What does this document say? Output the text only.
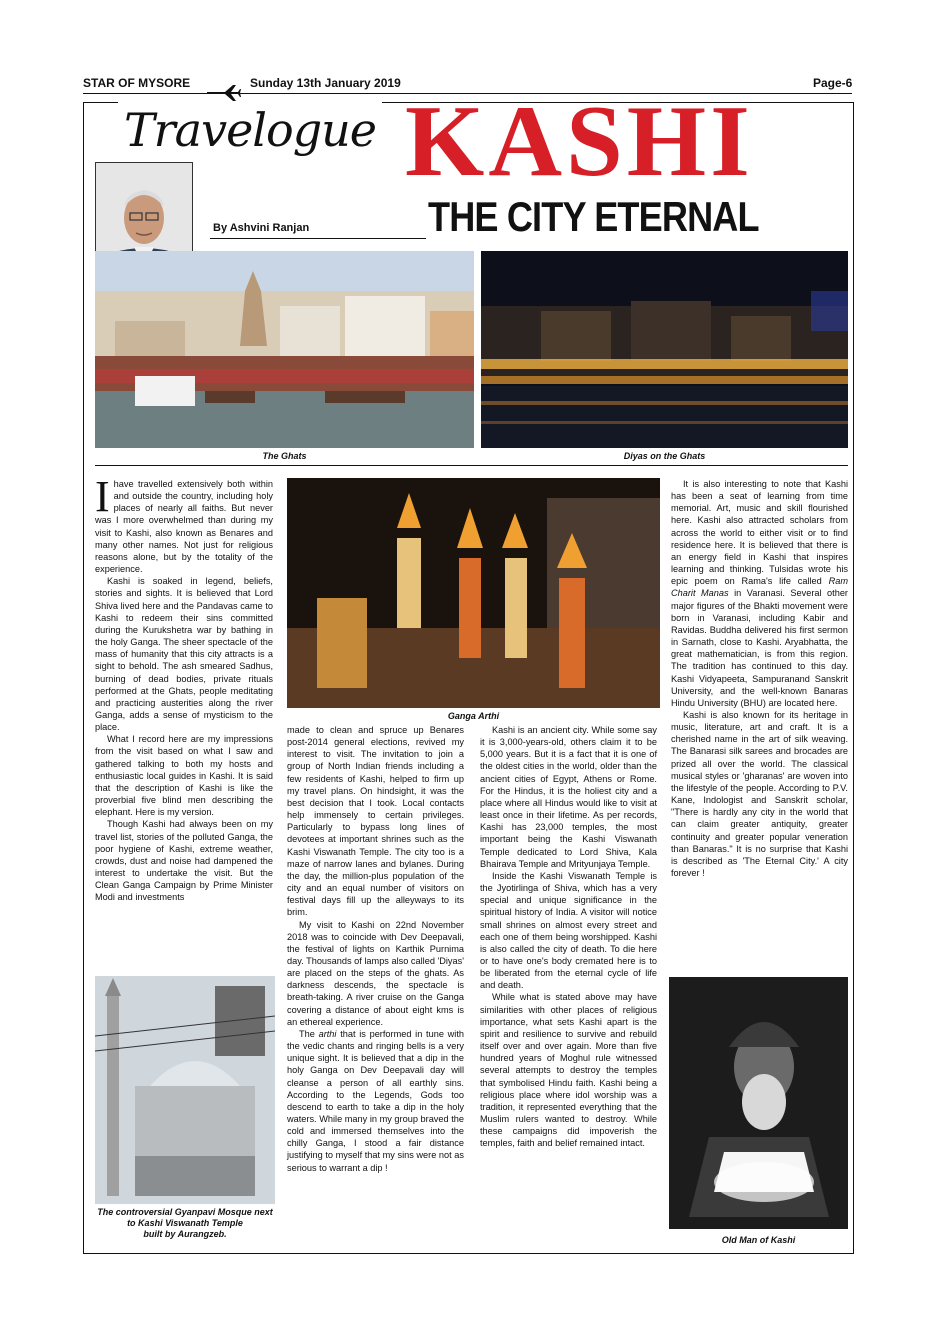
STAR OF MYSORE	Sunday 13th January 2019	Page-6
Travelogue KASHI
THE CITY ETERNAL
By Ashvini Ranjan
The Ghats	Diyas on the Ghats
Ganga Arthi
The controversial Gyanpavi Mosque next
to Kashi Viswanath Temple
built by Aurangzeb.
Old Man of Kashi

Ihave travelled extensively both within and outside the country, including holy places of nearly all faiths. But never was I more overwhelmed than during my visit to Kashi, also known as Benares and many other names. Not just for religious reasons alone, but by the totality of the experience.

Kashi is soaked in legend, beliefs, stories and sights. It is believed that Lord Shiva lived here and the Pandavas came to Kashi to redeem their sins committed during the Kurukshetra war by bathing in the holy Ganga. The sheer spectacle of the mass of humanity that this city attracts is a sight to behold. The ash smeared Sadhus, burning of dead bodies, private rituals performed at the Ghats, people meditating and practicing austerities along the river Ganga, adds a sense of mysticism to the place.

What I record here are my impressions from the visit based on what I saw and gathered talking to both my hosts and enthusiastic local guides in Kashi. It is said that the description of Kashi is like the proverbial five blind men describing the elephant. Here is my version.

Though Kashi had always been on my travel list, stories of the polluted Ganga, the poor hygiene of Kashi, extreme weather, crowds, dust and noise had dampened the interest to undertake the visit. But the Clean Ganga Campaign by Prime Minister Modi and investments

made to clean and spruce up Benares post-2014 general elections, revived my interest to visit. The invitation to join a group of North Indian friends including a few residents of Kashi, helped to firm up my travel plans. On hindsight, it was the best decision that I took. Local contacts help immensely to certain privileges. Particularly to bypass long lines of devotees at important shrines such as the Kashi Viswanath Temple. The city too is a maze of narrow lanes and bylanes. During the day, the million-plus population of the city and an equal number of visitors on festival days fill up the alleyways to its brim.

My visit to Kashi on 22nd November 2018 was to coincide with Dev Deepavali, the festival of lights on Karthik Purnima day. Thousands of lamps also called 'Diyas' are placed on the steps of the ghats. As darkness descends, the spectacle is breath-taking. A river cruise on the Ganga covering a distance of about eight kms is an ethereal experience.

The arthi that is performed in tune with the vedic chants and ringing bells is a very unique sight. It is believed that a dip in the holy Ganga on Dev Deepavali day will cleanse a person of all earthly sins. According to the Legends, Gods too descend to earth to take a dip in the holy waters. While many in my group braved the cold and immersed themselves into the chilly Ganga, I stood a fair distance justifying to myself that my sins were not as serious to warrant a dip !

Kashi is an ancient city. While some say it is 3,000-years-old, others claim it to be 5,000 years. But it is a fact that it is one of the oldest cities in the world, older than the ancient cities of Egypt, Athens or Rome. For the Hindus, it is the holiest city and a place where all Hindus would like to visit at least once in their lifetime. As per records, Kashi has 23,000 temples, the most important being the Kashi Viswanath Temple dedicated to Lord Shiva, Kala Bhairava Temple and Mrityunjaya Temple.

Inside the Kashi Viswanath Temple is the Jyotirlinga of Shiva, which has a very special and unique significance in the spiritual history of India. A visitor will notice small shrines on almost every street and each one of them being worshipped. Kashi is also called the city of death. To die here or to have one's body cremated here is to be liberated from the eternal cycle of life and death.

While what is stated above may have similarities with other places of religious importance, what sets Kashi apart is the spirit and resilience to survive and rebuild itself over and over again. More than five hundred years of Moghul rule witnessed several attempts to destroy the temples that symbolised Hindu faith. Kashi being a religious place where idol worship was a tradition, it represented everything that the Muslim rulers wanted to destroy. While these campaigns did impoverish the temples, faith and belief remained intact.

It is also interesting to note that Kashi has been a seat of learning from time memorial. Art, music and skill flourished here. Kashi also attracted scholars from across the world to either visit or to find residence here. It is believed that there is an energy field in Kashi that inspires learning and thinking. Tulsidas wrote his epic poem on Rama's life called Ram Charit Manas in Varanasi. Several other major figures of the Bhakti movement were born in Varanasi, including Kabir and Ravidas. Buddha delivered his first sermon in Sarnath, close to Kashi. Aryabhatta, the great mathematician, is from this region. The tradition has continued to this day. Kashi Vidyapeeta, Sampuranand Sanskrit University, and the well-known Banaras Hindu University (BHU) are located here.

Kashi is also known for its heritage in music, literature, art and craft. It is a cherished name in the art of silk weaving. The Banarasi silk sarees and brocades are prized all over the world. The classical musical styles or 'gharanas' are woven into the lifestyle of the people. According to P.V. Kane, Indologist and Sanskrit scholar, "There is hardly any city in the world that can claim greater antiquity, greater continuity and greater popular veneration than Banaras." It is no surprise that Kashi is described as 'The Eternal City.' A city forever !
